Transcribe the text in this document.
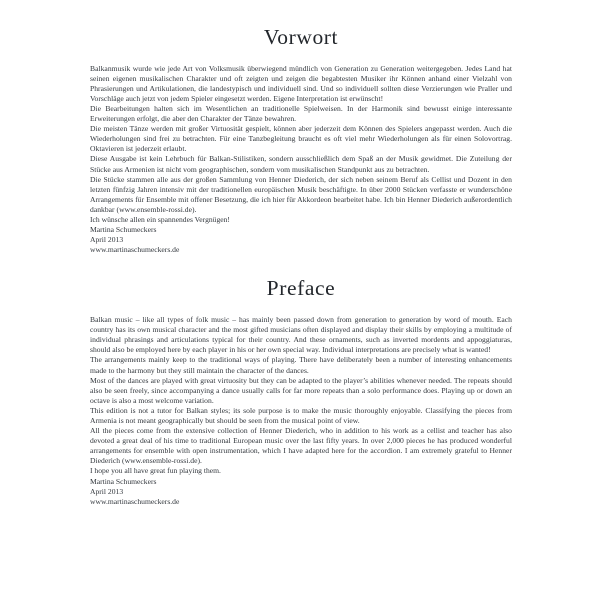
Vorwort

Balkanmusik wurde wie jede Art von Volksmusik überwiegend mündlich von Generation zu Generation weitergegeben. Jedes Land hat seinen eigenen musikalischen Charakter und oft zeigten und zeigen die begabtesten Musiker ihr Können anhand einer Vielzahl von Phrasierungen und Artikulationen, die landestypisch und individuell sind. Und so individuell sollten diese Verzierungen wie Praller und Vorschläge auch jetzt von jedem Spieler eingesetzt werden. Eigene Interpretation ist erwünscht!

Die Bearbeitungen halten sich im Wesentlichen an traditionelle Spielweisen. In der Harmonik sind bewusst einige interessante Erweiterungen erfolgt, die aber den Charakter der Tänze bewahren.

Die meisten Tänze werden mit großer Virtuosität gespielt, können aber jederzeit dem Können des Spielers angepasst werden. Auch die Wiederholungen sind frei zu betrachten. Für eine Tanzbegleitung braucht es oft viel mehr Wiederholungen als für einen Solovortrag. Oktavieren ist jederzeit erlaubt.

Diese Ausgabe ist kein Lehrbuch für Balkan-Stilistiken, sondern ausschließlich dem Spaß an der Musik gewidmet. Die Zuteilung der Stücke aus Armenien ist nicht vom geographischen, sondern vom musikalischen Standpunkt aus zu betrachten.

Die Stücke stammen alle aus der großen Sammlung von Henner Diederich, der sich neben seinem Beruf als Cellist und Dozent in den letzten fünfzig Jahren intensiv mit der traditionellen europäischen Musik beschäftigte. In über 2000 Stücken verfasste er wunderschöne Arrangements für Ensemble mit offener Besetzung, die ich hier für Akkordeon bearbeitet habe. Ich bin Henner Diederich außerordentlich dankbar (www.ensemble-rossi.de).

Ich wünsche allen ein spannendes Vergnügen!

Martina Schumeckers

April 2013

www.martinaschumeckers.de

Preface

Balkan music – like all types of folk music – has mainly been passed down from generation to generation by word of mouth. Each country has its own musical character and the most gifted musicians often displayed and display their skills by employing a multitude of individual phrasings and articulations typical for their country. And these ornaments, such as inverted mordents and appoggiaturas, should also be employed here by each player in his or her own special way. Individual interpretations are precisely what is wanted!

The arrangements mainly keep to the traditional ways of playing. There have deliberately been a number of interesting enhancements made to the harmony but they still maintain the character of the dances.

Most of the dances are played with great virtuosity but they can be adapted to the player’s abilities whenever needed. The repeats should also be seen freely, since accompanying a dance usually calls for far more repeats than a solo performance does. Playing up or down an octave is also a most welcome variation.

This edition is not a tutor for Balkan styles; its sole purpose is to make the music thoroughly enjoyable. Classifying the pieces from Armenia is not meant geographically but should be seen from the musical point of view.

All the pieces come from the extensive collection of Henner Diederich, who in addition to his work as a cellist and teacher has also devoted a great deal of his time to traditional European music over the last fifty years. In over 2,000 pieces he has produced wonderful arrangements for ensemble with open instrumentation, which I have adapted here for the accordion. I am extremely grateful to Henner Diederich (www.ensemble-rossi.de).

I hope you all have great fun playing them.

Martina Schumeckers

April 2013

www.martinaschumeckers.de
